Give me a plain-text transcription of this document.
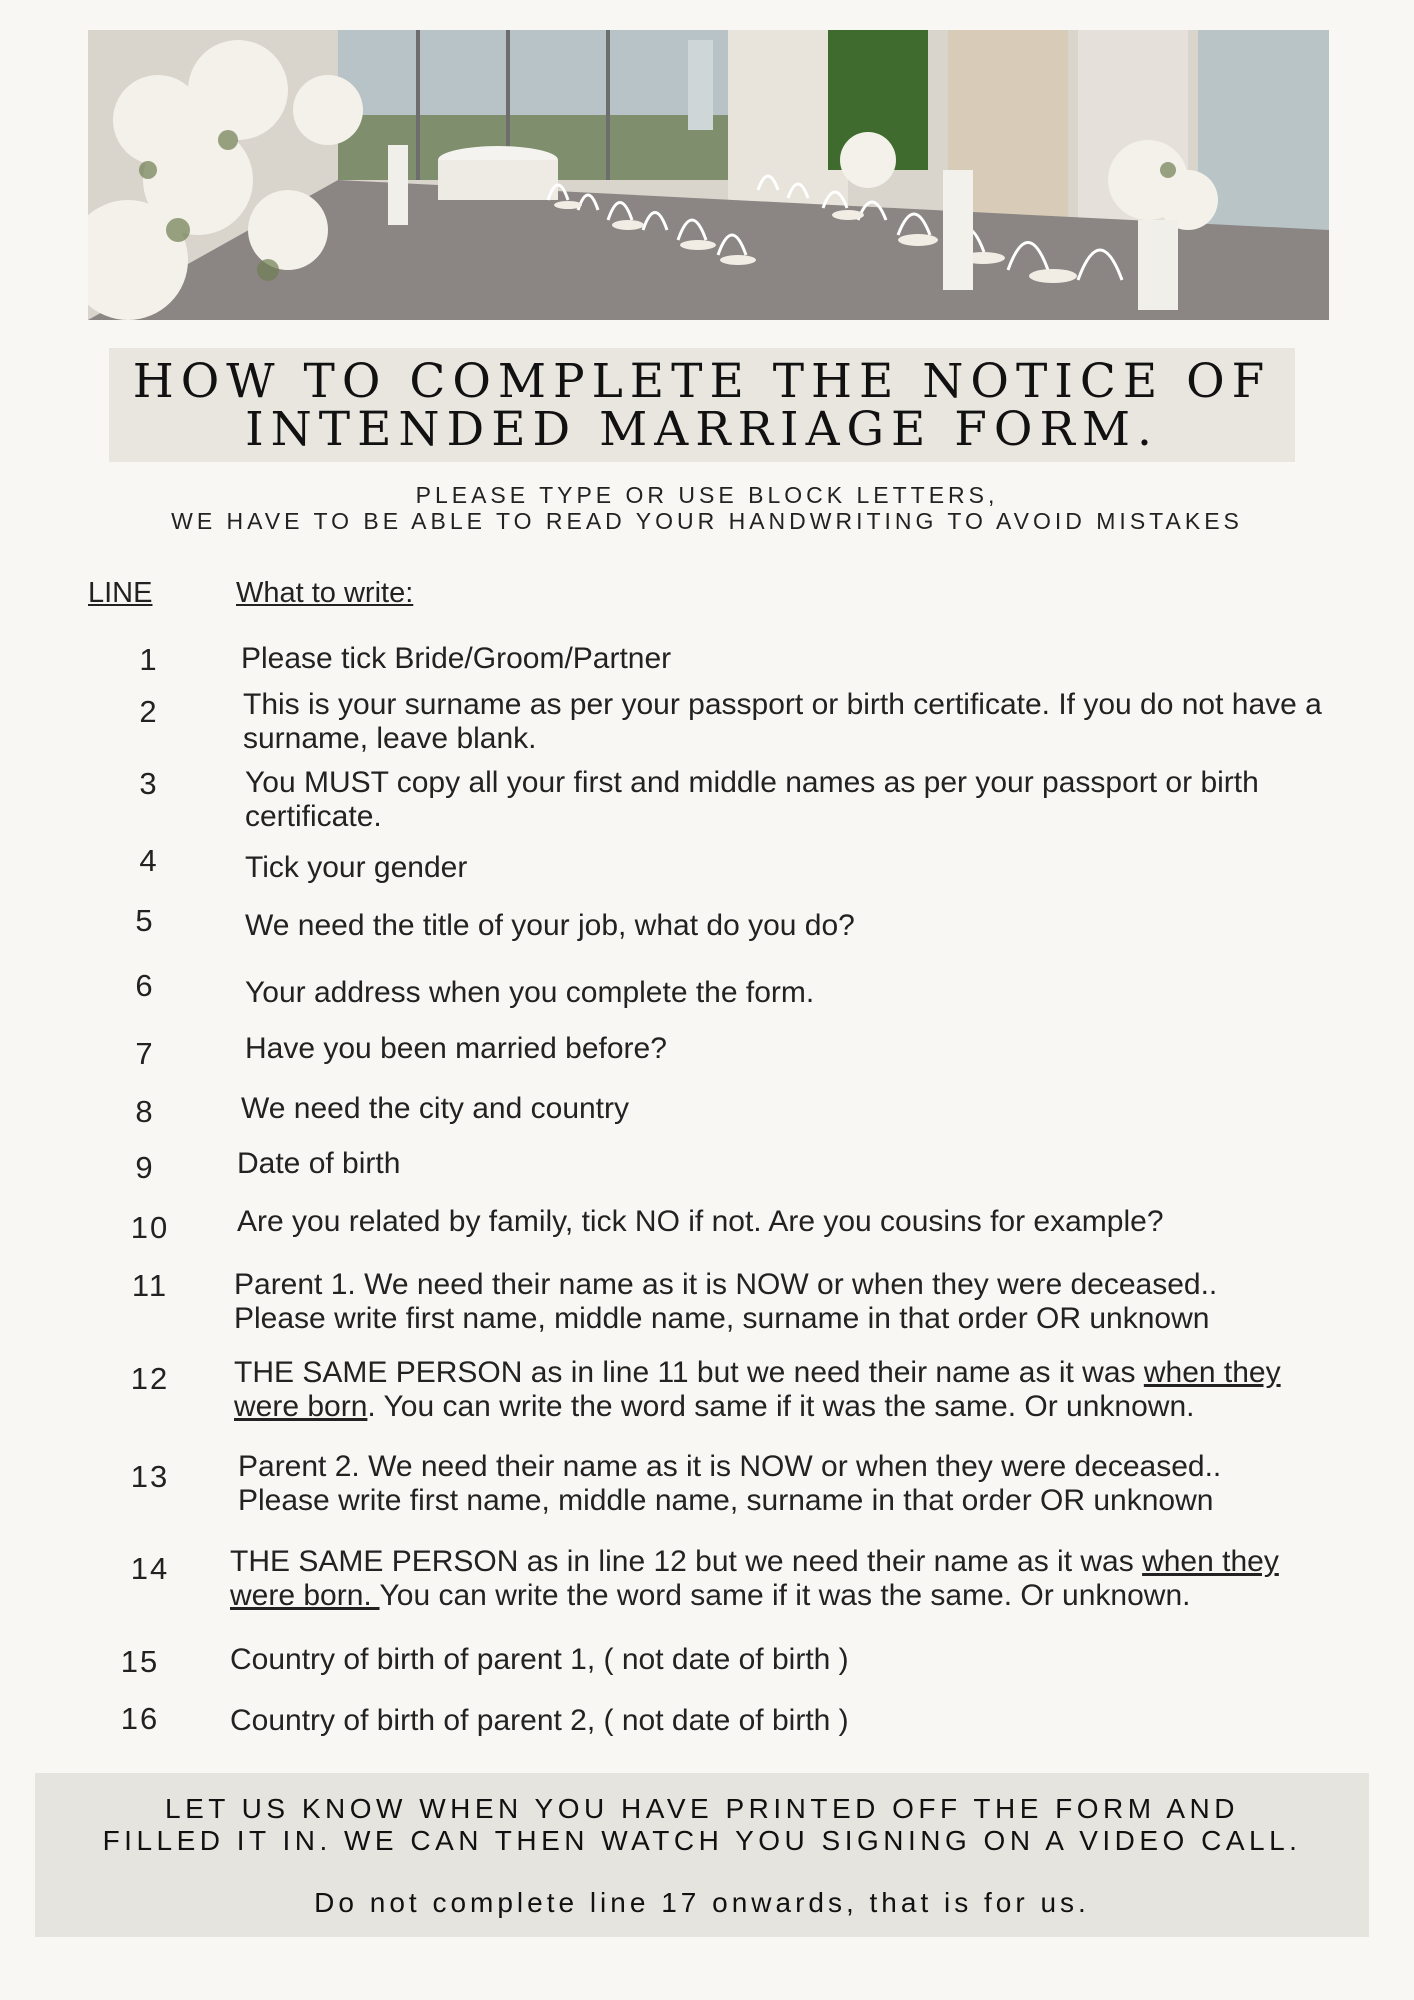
HOW TO COMPLETE THE NOTICE OF
INTENDED MARRIAGE FORM.
PLEASE TYPE OR USE BLOCK LETTERS,
WE HAVE TO BE ABLE TO READ YOUR HANDWRITING TO AVOID MISTAKES
LINE	What to write:
1	Please tick Bride/Groom/Partner
2	This is your surname as per your passport or birth certificate. If you do not have a surname, leave blank.
3	You MUST copy all your first and middle names as per your passport or birth certificate.
4	Tick your gender
5	We need the title of your job, what do you do?
6	Your address when you complete the form.
7	Have you been married before?
8	We need the city and country
9	Date of birth
10	Are you related by family, tick NO if not. Are you cousins for example?
11	Parent 1. We need their name as it is NOW or when they were deceased..
Please write first name, middle name, surname in that order OR unknown
12	THE SAME PERSON as in line 11 but we need their name as it was when they
were born. You can write the word same if it was the same. Or unknown.
13	Parent 2. We need their name as it is NOW or when they were deceased..
Please write first name, middle name, surname in that order OR unknown
14	THE SAME PERSON as in line 12 but we need their name as it was when they
were born. You can write the word same if it was the same. Or unknown.
15	Country of birth of parent 1, ( not date of birth )
16	Country of birth of parent 2, ( not date of birth )
LET US KNOW WHEN YOU HAVE PRINTED OFF THE FORM AND
FILLED IT IN. WE CAN THEN WATCH YOU SIGNING ON A VIDEO CALL.
Do not complete line 17 onwards, that is for us.
